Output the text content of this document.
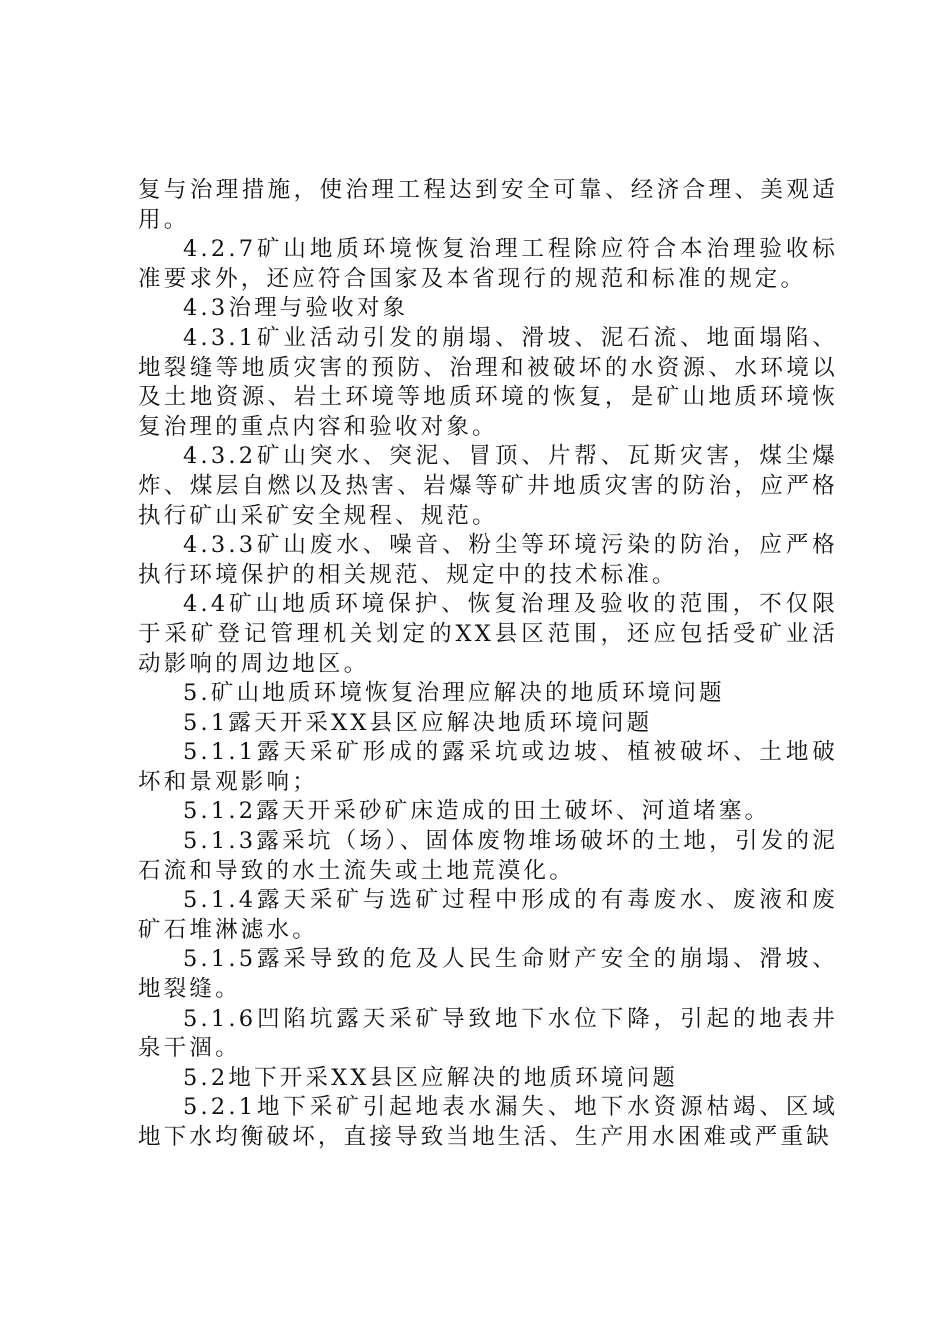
复与治理措施，使治理工程达到安全可靠、经济合理、美观适用。

4.2.7矿山地质环境恢复治理工程除应符合本治理验收标准要求外，还应符合国家及本省现行的规范和标准的规定。

4.3治理与验收对象

4.3.1矿业活动引发的崩塌、滑坡、泥石流、地面塌陷、地裂缝等地质灾害的预防、治理和被破坏的水资源、水环境以及土地资源、岩土环境等地质环境的恢复，是矿山地质环境恢复治理的重点内容和验收对象。

4.3.2矿山突水、突泥、冒顶、片帮、瓦斯灾害，煤尘爆炸、煤层自燃以及热害、岩爆等矿井地质灾害的防治，应严格执行矿山采矿安全规程、规范。

4.3.3矿山废水、噪音、粉尘等环境污染的防治，应严格执行环境保护的相关规范、规定中的技术标准。

4.4矿山地质环境保护、恢复治理及验收的范围，不仅限于采矿登记管理机关划定的XX县区范围，还应包括受矿业活动影响的周边地区。

5.矿山地质环境恢复治理应解决的地质环境问题

5.1露天开采XX县区应解决地质环境问题

5.1.1露天采矿形成的露采坑或边坡、植被破坏、土地破坏和景观影响；

5.1.2露天开采砂矿床造成的田土破坏、河道堵塞。

5.1.3露采坑（场）、固体废物堆场破坏的土地，引发的泥石流和导致的水土流失或土地荒漠化。

5.1.4露天采矿与选矿过程中形成的有毒废水、废液和废矿石堆淋滤水。

5.1.5露采导致的危及人民生命财产安全的崩塌、滑坡、地裂缝。

5.1.6凹陷坑露天采矿导致地下水位下降，引起的地表井泉干涸。

5.2地下开采XX县区应解决的地质环境问题

5.2.1地下采矿引起地表水漏失、地下水资源枯竭、区域地下水均衡破坏，直接导致当地生活、生产用水困难或严重缺
